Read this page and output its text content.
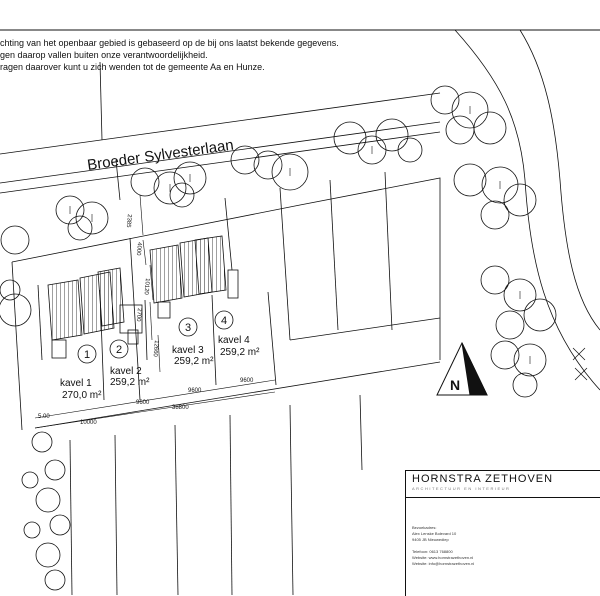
Broeder Sylvesterlaan
1 2
3
4
kavel 1
270,0 m²
kavel 2
259,2 m²
kavel 3
259,2 m²
kavel 4
259,2 m²
2385
4000
10120
2700
12660
5.00
10000
9600
38800
9600
9600	N
chting van het openbaar gebied is gebaseerd op de bij ons laatst bekende gegevens.
gen daarop vallen buiten onze verantwoordelijkheid.
ragen daarover kunt u zich wenden tot de gemeente Aa en Hunze.
HORNSTRA ZETHOVEN
ARCHITECTUUR EN INTERIEUR
Bezoekadres:
Alex Lenske Bolevard 10
9405 JB Nieuwediep
Telefoon: 0613 768800
Website: www.hornstrazethoven.nl
Website: info@hornstrazethoven.nl
